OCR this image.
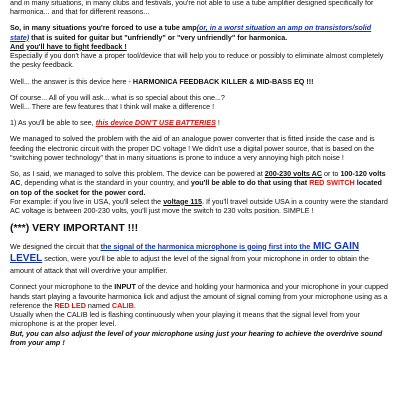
and in many situations, in many clubs and festivals, you're not able to use a tube amplifier designed specifically for harmonica... and that for different reasons...

So, in many situations you're forced to use a tube amp(or, in a worst situation an amp on transistors/solid state) that is suited for guitar but "unfriendly" or "very unfriendly" for harmonica.
And you'll have to fight feedback !

Especially if you don't have a proper tool/device that will help you to reduce or possibly to eliminate almost completely the pesky feedback.

Well... the answer is this device here - HARMONICA FEEDBACK KILLER & MID-BASS EQ !!!

Of course... All of you will ask... what is so special about this one...?
Well... There are few features that I think will make a difference !

1) As you'll be able to see, this device DON'T USE BATTERIES !

We managed to solved the problem with the aid of an analogue power converter that is fitted inside the case and is feeding the electronic circuit with the proper DC voltage ! We didn't use a digital power source, that is based on the "switching power technology" that in many situations is prone to induce a very annoying high pitch noise !

So, as I said, we managed to solve this problem. The device can be powered at 200-230 volts AC or to 100-120 volts AC, depending what is the standard in your country, and you'll be able to do that using that RED SWITCH located on top of the socket for the power cord.
For example: if you live in USA, you'll select the voltage 115. If you'll travel outside USA in a country were the standard AC voltage is between 200-230 volts, you'll just move the switch to 230 volts position. SIMPLE !

(***) VERY IMPORTANT !!!

We designed the circuit that the signal of the harmonica microphone is going first into the MIC GAIN LEVEL section, were you'll be able to adjust the level of the signal from your microphone in order to obtain the amount of attack that will overdrive your amplifier.

Connect your microphone to the INPUT of the device and holding your harmonica and your microphone in your cupped hands start playing a favourite harmonica lick and adjust the amount of signal coming from your microphone using as a reference the RED LED named CALIB.
Usually when the CALIB led is flashing continuously when your playing it means that the signal level from your microphone is at the proper level.
But, you can also adjust the level of your microphone using just your hearing to achieve the overdrive sound from your amp !
